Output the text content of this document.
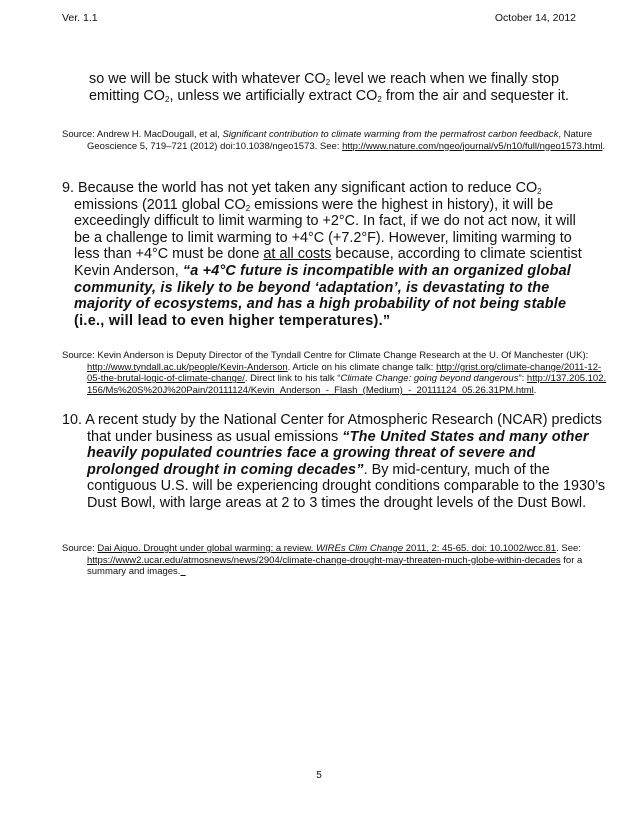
Ver. 1.1	October 14, 2012
so we will be stuck with whatever $CO_2$ level we reach when we finally stop emitting $CO_2$, unless we artificially extract $CO_2$ from the air and sequester it.
Source: Andrew H. MacDougall, et al, Significant contribution to climate warming from the permafrost carbon feedback, Nature Geoscience 5, 719–721 (2012) doi:10.1038/ngeo1573. See: http://www.nature.com/ngeo/journal/v5/n10/full/ngeo1573.html.
9. Because the world has not yet taken any significant action to reduce $CO_2$ emissions (2011 global $CO_2$ emissions were the highest in history), it will be exceedingly difficult to limit warming to +2°C. In fact, if we do not act now, it will be a challenge to limit warming to +4°C (+7.2°F). However, limiting warming to less than +4°C must be done at all costs because, according to climate scientist Kevin Anderson, “a +4°C future is incompatible with an organized global community, is likely to be beyond ‘adaptation’, is devastating to the majority of ecosystems, and has a high probability of not being stable (i.e., will lead to even higher temperatures).”
Source: Kevin Anderson is Deputy Director of the Tyndall Centre for Climate Change Research at the U. Of Manchester (UK): http://www.tyndall.ac.uk/people/Kevin-Anderson. Article on his climate change talk: http://grist.org/climate-change/2011-12-05-the-brutal-logic-of-climate-change/. Direct link to his talk “Climate Change: going beyond dangerous”: http://137.205.102.156/Ms%20S%20J%20Pain/20111124/Kevin_Anderson_-_Flash_(Medium)_-_20111124_05.26.31PM.html.
10. A recent study by the National Center for Atmospheric Research (NCAR) predicts that under business as usual emissions “The United States and many other heavily populated countries face a growing threat of severe and prolonged drought in coming decades”. By mid-century, much of the contiguous U.S. will be experiencing drought conditions comparable to the 1930’s Dust Bowl, with large areas at 2 to 3 times the drought levels of the Dust Bowl.
Source: Dai Aiguo. Drought under global warming: a review. WIREs Clim Change 2011, 2: 45-65. doi: 10.1002/wcc.81. See: https://www2.ucar.edu/atmosnews/news/2904/climate-change-drought-may-threaten-much-globe-within-decades for a summary and images.
5
